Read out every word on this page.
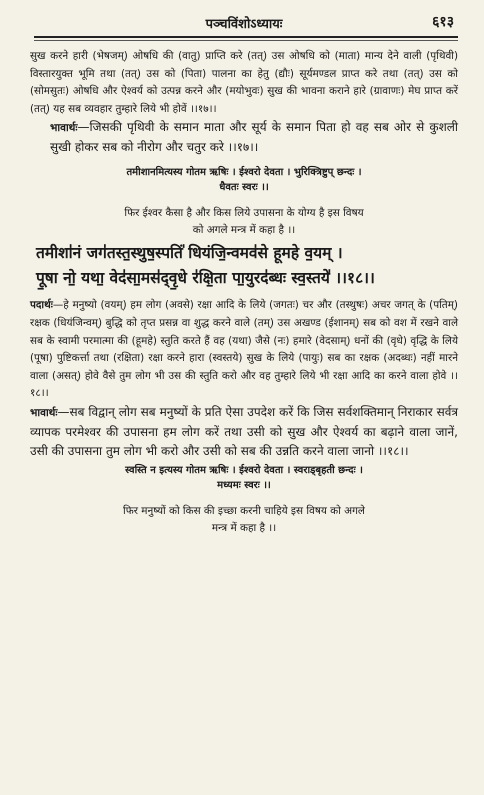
पञ्चविंशोऽध्यायः	६१३

सुख करने हारी (भेषजम्) ओषधि की (वातु) प्राप्ति करे (तत्) उस ओषधि को (माता) मान्य देने वाली (पृथिवी) विस्तारयुक्त भूमि तथा (तत्) उस को (पिता) पालना का हेतु (द्यौः) सूर्यमण्डल प्राप्त करे तथा (तत्) उस को (सोमसुतः) ओषधि और ऐश्वर्य को उत्पन्न करने और (मयोभुवः) सुख की भावना कराने हारे (ग्रावाणः) मेघ प्राप्त करें (तत्) यह सब व्यवहार तुम्हारे लिये भी होवें ।।१७।।

भावार्थः—जिसकी पृथिवी के समान माता और सूर्य के समान पिता हो वह सब ओर से कुशली सुखी होकर सब को नीरोग और चतुर करे ।।१७।।

तमीशानमित्यस्य गोतम ऋषिः । ईश्वरो देवता । भुरिक्त्रिष्टुप् छन्दः ।

धैवतः स्वरः ।।

फिर ईश्वर कैसा है और किस लिये उपासना के योग्य है इस विषय

को अगले मन्त्र में कहा है ।।

तमीशा॑नं जग॑तस्त॒स्थुष॒स्पतिं॑ धियंजि॒न्वमव॑से हूमहे व॒यम् ।

पू॒षा नो॒ यथा॒ वेद॑सा॒मस॑द्वृ॒धे र॑क्षि॒ता पा॒युरद॑ब्धः स्व॒स्तये॑ ।।१८।।

पदार्थः—हे मनुष्यो (वयम्) हम लोग (अवसे) रक्षा आदि के लिये (जगतः) चर और (तस्थुषः) अचर जगत् के (पतिम्) रक्षक (धियंजिन्वम्) बुद्धि को तृप्त प्रसन्न वा शुद्ध करने वाले (तम्) उस अखण्ड (ईशानम्) सब को वश में रखने वाले सब के स्वामी परमात्मा की (हूमहे) स्तुति करते हैं वह (यथा) जैसे (नः) हमारे (वेदसाम्) धनों की (वृधे) वृद्धि के लिये (पूषा) पुष्टिकर्त्ता तथा (रक्षिता) रक्षा करने हारा (स्वस्तये) सुख के लिये (पायुः) सब का रक्षक (अदब्धः) नहीं मारने वाला (असत्) होवे वैसे तुम लोग भी उस की स्तुति करो और वह तुम्हारे लिये भी रक्षा आदि का करने वाला होवे ।।१८।।

भावार्थः—सब विद्वान् लोग सब मनुष्यों के प्रति ऐसा उपदेश करें कि जिस सर्वशक्तिमान् निराकार सर्वत्र व्यापक परमेश्वर की उपासना हम लोग करें तथा उसी को सुख और ऐश्वर्य का बढ़ाने वाला जानें, उसी की उपासना तुम लोग भी करो और उसी को सब की उन्नति करने वाला जानो ।।१८।।

स्वस्ति न इत्यस्य गोतम ऋषिः । ईश्वरो देवता । स्वराड्बृहती छन्दः ।

मध्यमः स्वरः ।।

फिर मनुष्यों को किस की इच्छा करनी चाहिये इस विषय को अगले

मन्त्र में कहा है ।।
